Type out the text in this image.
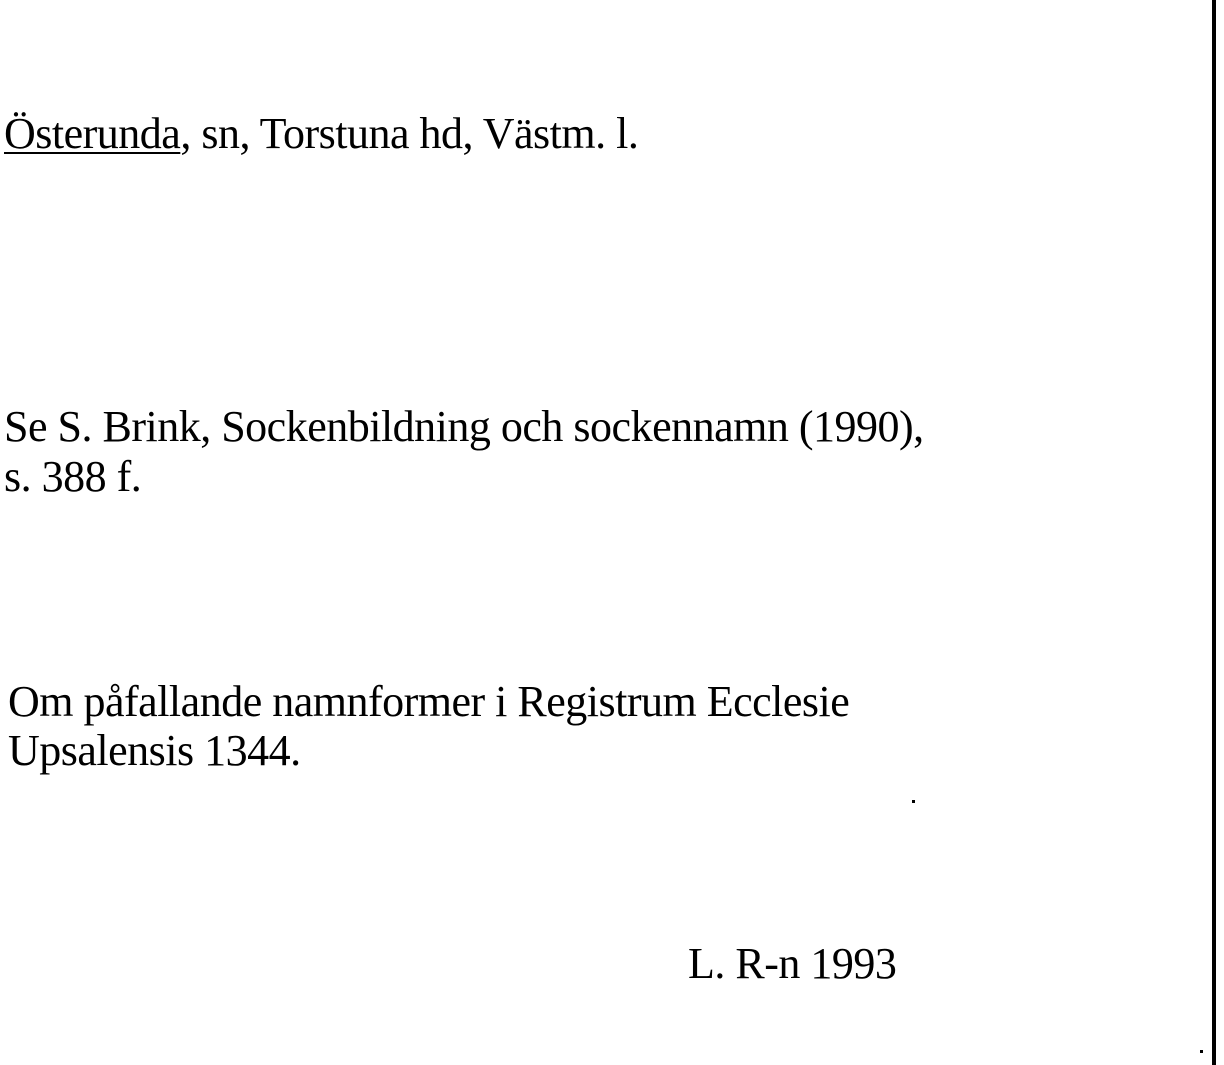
Österunda, sn, Torstuna hd, Västm. l.
Se S. Brink, Sockenbildning och sockennamn (1990),
s. 388 f.
Om påfallande namnformer i Registrum Ecclesie
Upsalensis 1344.
L. R-n 1993
